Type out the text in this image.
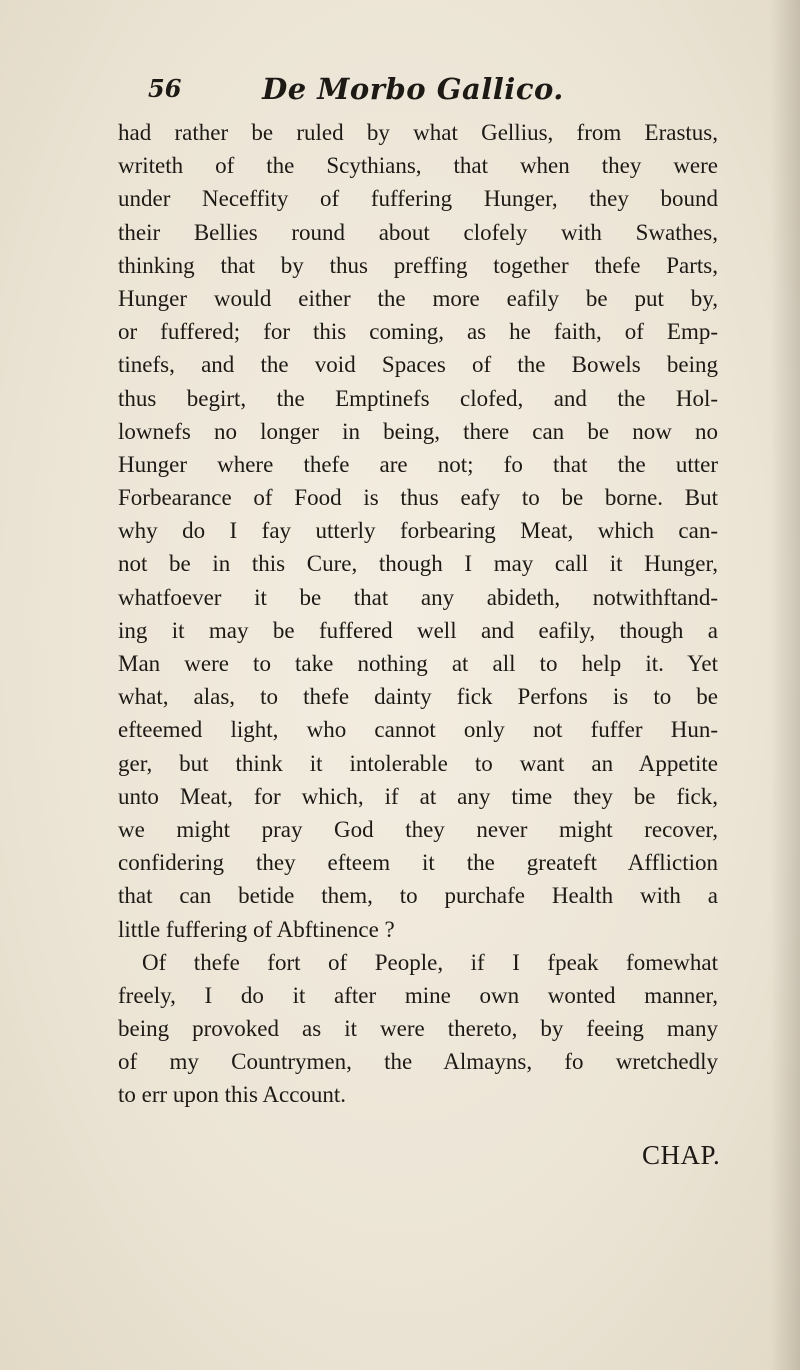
56	De Morbo Gallico.
had rather be ruled by what Gellius, from Erastus,
writeth of the Scythians, that when they were
under Neceffity of fuffering Hunger, they bound
their Bellies round about clofely with Swathes,
thinking that by thus preffing together thefe Parts,
Hunger would either the more eafily be put by,
or fuffered; for this coming, as he faith, of Emp-
tinefs, and the void Spaces of the Bowels being
thus begirt, the Emptinefs clofed, and the Hol-
lownefs no longer in being, there can be now no
Hunger where thefe are not; fo that the utter
Forbearance of Food is thus eafy to be borne. But
why do I fay utterly forbearing Meat, which can-
not be in this Cure, though I may call it Hunger,
whatfoever it be that any abideth, notwithftand-
ing it may be fuffered well and eafily, though a
Man were to take nothing at all to help it. Yet
what, alas, to thefe dainty fick Perfons is to be
efteemed light, who cannot only not fuffer Hun-
ger, but think it intolerable to want an Appetite
unto Meat, for which, if at any time they be fick,
we might pray God they never might recover,
confidering they efteem it the greateft Affliction
that can betide them, to purchafe Health with a
little fuffering of Abftinence ?
Of thefe fort of People, if I fpeak fomewhat
freely, I do it after mine own wonted manner,
being provoked as it were thereto, by feeing many
of my Countrymen, the Almayns, fo wretchedly
to err upon this Account.
CHAP.
